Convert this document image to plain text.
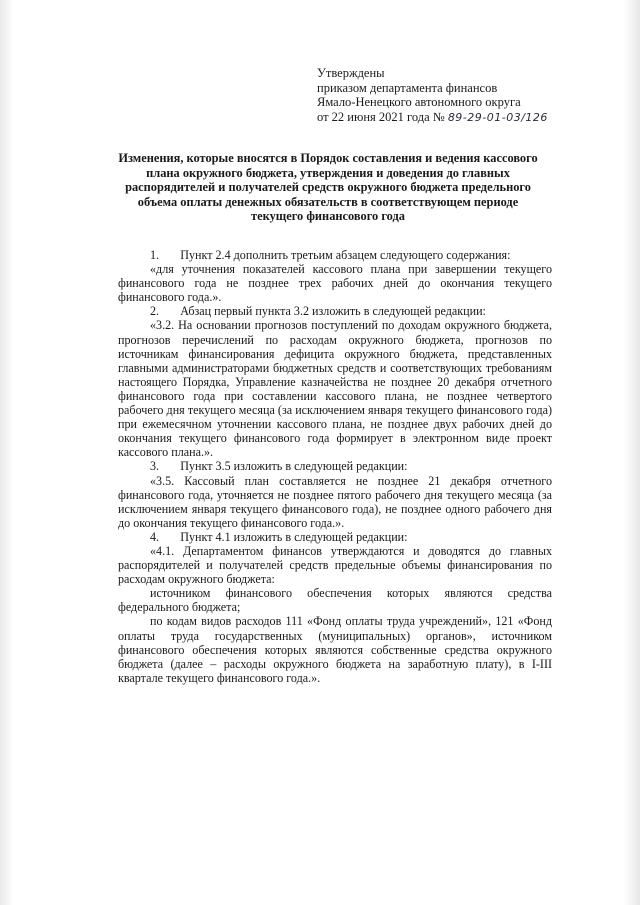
Утверждены
приказом департамента финансов
Ямало-Ненецкого автономного округа
от 22 июня 2021 года № 89-29-01-03/126
Изменения, которые вносятся в Порядок составления и ведения кассового плана окружного бюджета, утверждения и доведения до главных распорядителей и получателей средств окружного бюджета предельного объема оплаты денежных обязательств в соответствующем периоде текущего финансового года

1.       Пункт 2.4 дополнить третьим абзацем следующего содержания:

«для уточнения показателей кассового плана при завершении текущего финансового года не позднее трех рабочих дней до окончания текущего финансового года.».

2.       Абзац первый пункта 3.2 изложить в следующей редакции:

«3.2. На основании прогнозов поступлений по доходам окружного бюджета, прогнозов перечислений по расходам окружного бюджета, прогнозов по источникам финансирования дефицита окружного бюджета, представленных главными администраторами бюджетных средств и соответствующих требованиям настоящего Порядка, Управление казначейства не позднее 20 декабря отчетного финансового года при составлении кассового плана, не позднее четвертого рабочего дня текущего месяца (за исключением января текущего финансового года) при ежемесячном уточнении кассового плана, не позднее двух рабочих дней до окончания текущего финансового года формирует в электронном виде проект кассового плана.».

3.       Пункт 3.5 изложить в следующей редакции:

«3.5. Кассовый план составляется не позднее 21 декабря отчетного финансового года, уточняется не позднее пятого рабочего дня текущего месяца (за исключением января текущего финансового года), не позднее одного рабочего дня до окончания текущего финансового года.».

4.       Пункт 4.1 изложить в следующей редакции:

«4.1. Департаментом финансов утверждаются и доводятся до главных распорядителей и получателей средств предельные объемы финансирования по расходам окружного бюджета:

источником финансового обеспечения которых являются средства федерального бюджета;

по кодам видов расходов 111 «Фонд оплаты труда учреждений», 121 «Фонд оплаты труда государственных (муниципальных) органов», источником финансового обеспечения которых являются собственные средства окружного бюджета (далее – расходы окружного бюджета на заработную плату), в I-III квартале текущего финансового года.».
